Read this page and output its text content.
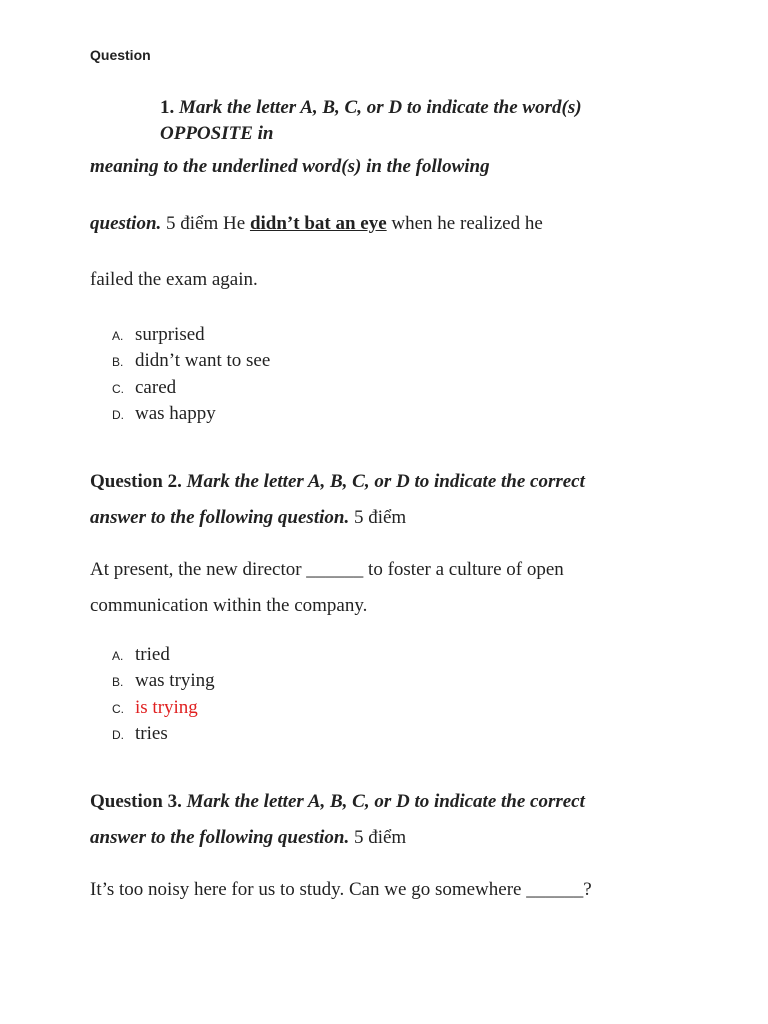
Question
1. Mark the letter A, B, C, or D to indicate the word(s)
OPPOSITE in
meaning to the underlined word(s) in the following
question. 5 điểm He didn’t bat an eye when he realized he
failed the exam again.
A. surprised
B. didn’t want to see
C. cared
D. was happy
Question 2. Mark the letter A, B, C, or D to indicate the correct
answer to the following question. 5 điểm
At present, the new director ______ to foster a culture of open
communication within the company.
A. tried
B. was trying
C. is trying
D. tries
Question 3. Mark the letter A, B, C, or D to indicate the correct
answer to the following question. 5 điểm
It’s too noisy here for us to study. Can we go somewhere ______?
